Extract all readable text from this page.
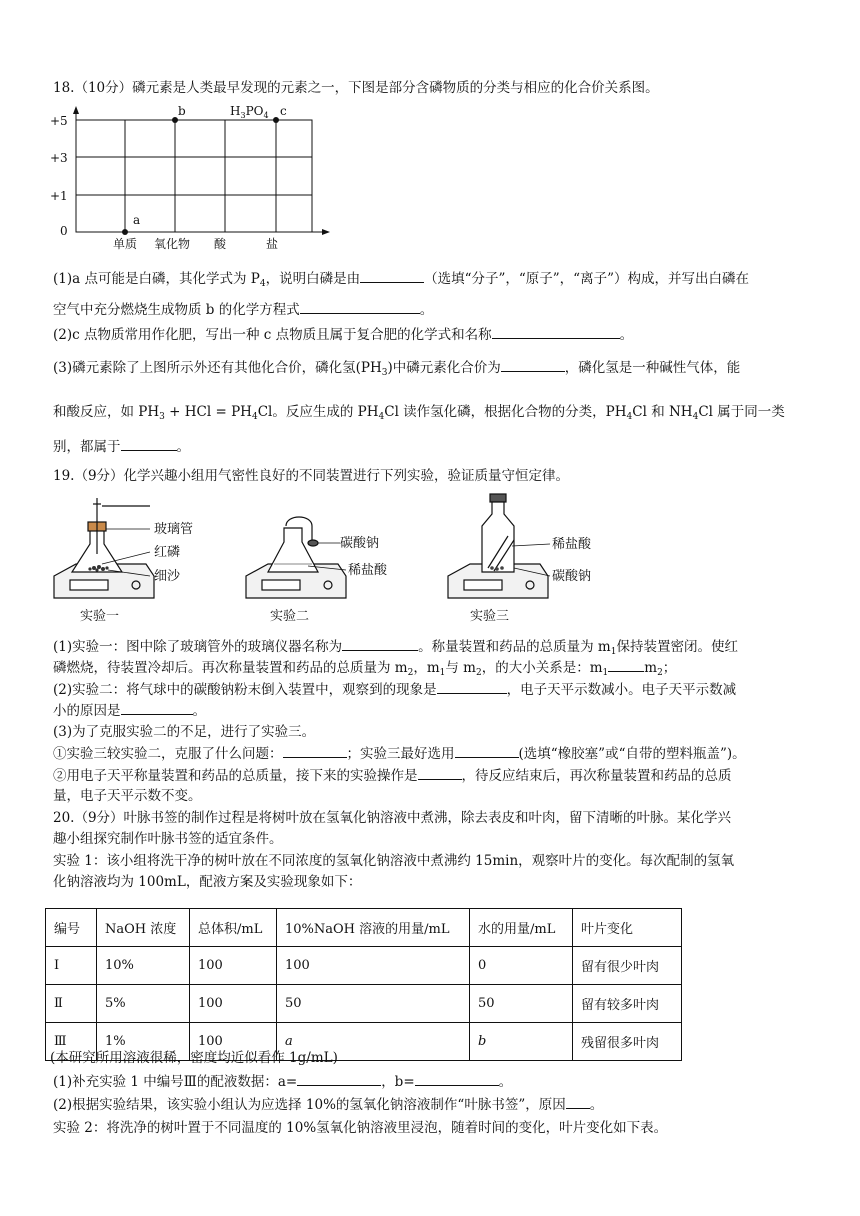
18.（10分）磷元素是人类最早发现的元素之一，下图是部分含磷物质的分类与相应的化合价关系图。
+5
+3
+1
0
单质 氧化物 酸	盐
a
b	$H_3PO_4$ c
(1)a 点可能是白磷，其化学式为 $P_4$，说明白磷是由	（选填“分子”，“原子”，“离子”）构成，并写出白磷在
空气中充分燃烧生成物质 b 的化学方程式	。
(2)c 点物质常用作化肥，写出一种 c 点物质且属于复合肥的化学式和名称	。
(3)磷元素除了上图所示外还有其他化合价，磷化氢$(PH_3)$中磷元素化合价为	，磷化氢是一种碱性气体，能
和酸反应，如 $PH_3$ + HCl = $PH_4Cl$。反应生成的 $PH_4Cl$ 读作氢化磷，根据化合物的分类，$PH_4Cl$ 和 $NH_4Cl$ 属于同一类
别，都属于	。
19.（9分）化学兴趣小组用气密性良好的不同装置进行下列实验，验证质量守恒定律。
玻璃管
红磷
细沙
碳酸钠
稀盐酸
稀盐酸
碳酸钠
实验一	实验二	实验三
(1)实验一：图中除了玻璃管外的玻璃仪器名称为	。称量装置和药品的总质量为 $m_1$保持装置密闭。使红
磷燃烧，待装置冷却后。再次称量装置和药品的总质量为 $m_2$，$m_1$与 $m_2$，的大小关系是：$m_1$	$m_2$；
(2)实验二：将气球中的碳酸钠粉末倒入装置中，观察到的现象是	，电子天平示数减小。电子天平示数减
小的原因是	。
(3)为了克服实验二的不足，进行了实验三。
①实验三较实验二，克服了什么问题：	；实验三最好选用	(选填“橡胶塞”或“自带的塑料瓶盖”)。
②用电子天平称量装置和药品的总质量，接下来的实验操作是	，待反应结束后，再次称量装置和药品的总质
量，电子天平示数不变。
20.（9分）叶脉书签的制作过程是将树叶放在氢氧化钠溶液中煮沸，除去表皮和叶肉，留下清晰的叶脉。某化学兴
趣小组探究制作叶脉书签的适宜条件。
实验 1：该小组将洗干净的树叶放在不同浓度的氢氧化钠溶液中煮沸约 15min，观察叶片的变化。每次配制的氢氧
化钠溶液均为 100mL，配液方案及实验现象如下：
编号	NaOH 浓度	总体积/mL	10%NaOH 溶液的用量/mL	水的用量/mL	叶片变化
Ⅰ	10%	100	100	0	留有很少叶肉
Ⅱ	5%	100	50	50	留有较多叶肉
Ⅲ	1%	100	a	b	残留很多叶肉
(本研究所用溶液很稀，密度均近似看作 1g/mL)
(1)补充实验 1 中编号Ⅲ的配液数据：a=	，b=	。
(2)根据实验结果，该实验小组认为应选择 10%的氢氧化钠溶液制作“叶脉书签”，原因 。
实验 2：将洗净的树叶置于不同温度的 10%氢氧化钠溶液里浸泡，随着时间的变化，叶片变化如下表。
